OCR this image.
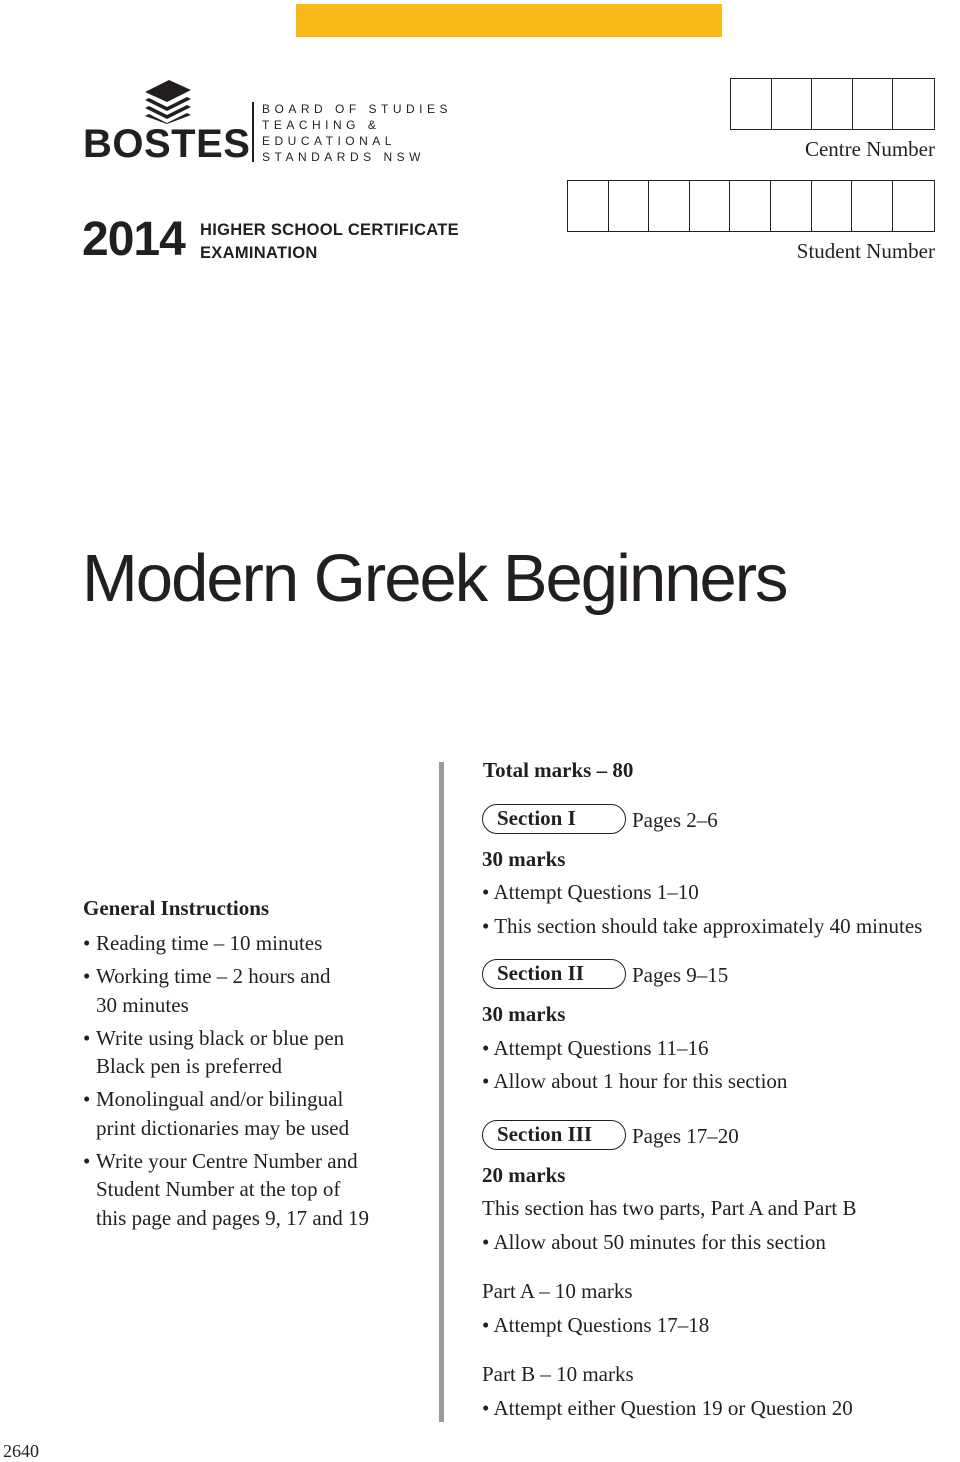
BOSTES
BOARD OF STUDIES
TEACHING &
EDUCATIONAL
STANDARDS NSW
2014 HIGHER SCHOOL CERTIFICATE
EXAMINATION
Centre Number
Student Number
Modern Greek Beginners
General Instructions
• Reading time – 10 minutes
• Working time – 2 hours and
30 minutes
• Write using black or blue pen
Black pen is preferred
• Monolingual and/or bilingual
print dictionaries may be used
• Write your Centre Number and
Student Number at the top of
this page and pages 9, 17 and 19
Total marks – 80
Section I	Pages 2–6
30 marks
• Attempt Questions 1–10
• This section should take approximately 40 minutes
Section II	Pages 9–15
30 marks
• Attempt Questions 11–16
• Allow about 1 hour for this section
Section III	Pages 17–20
20 marks
This section has two parts, Part A and Part B
• Allow about 50 minutes for this section
Part A – 10 marks
• Attempt Questions 17–18
Part B – 10 marks
• Attempt either Question 19 or Question 20
2640
